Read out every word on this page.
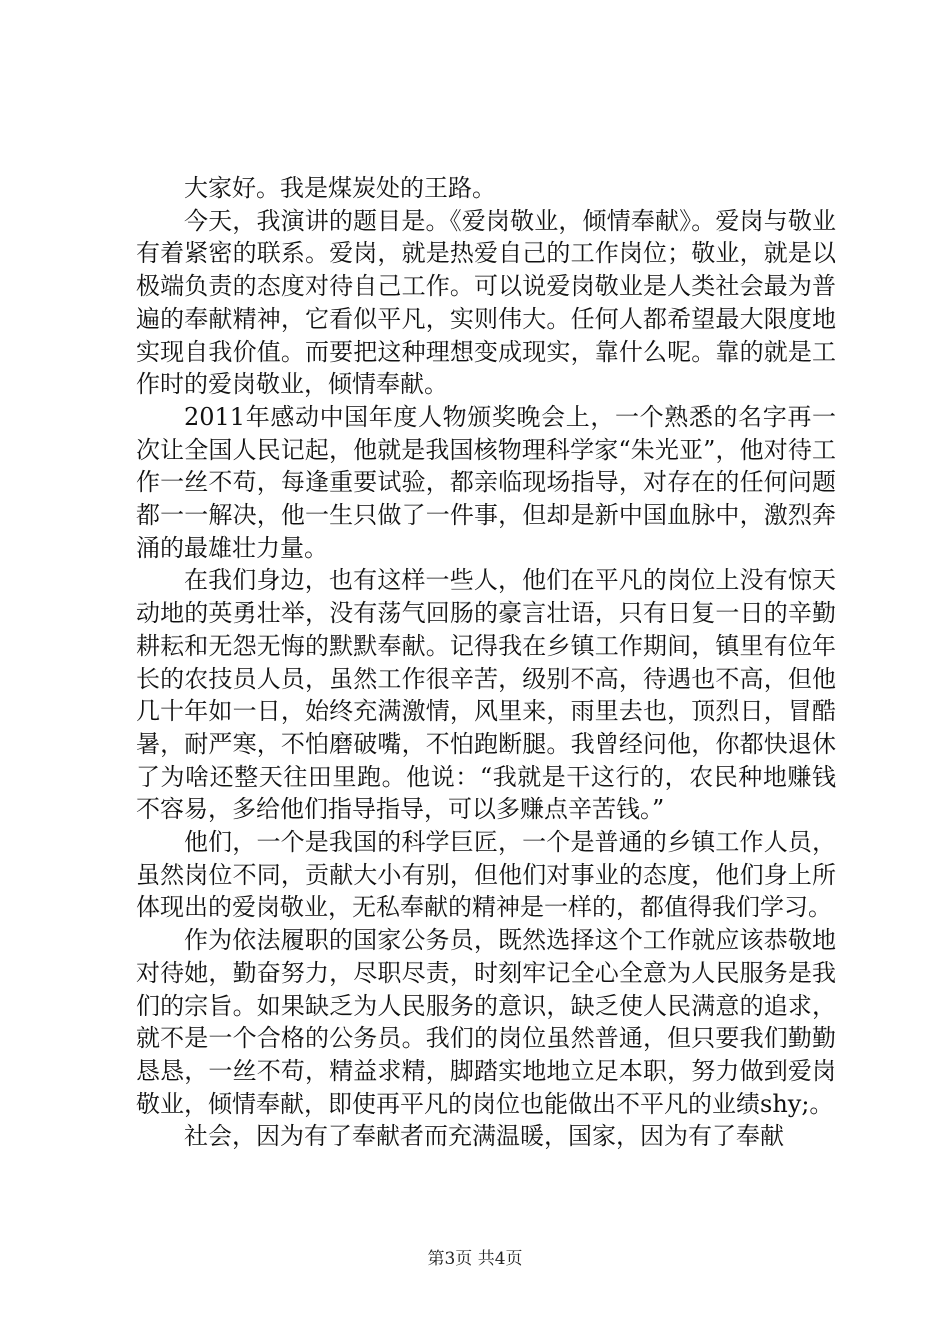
大家好。我是煤炭处的王路。

今天，我演讲的题目是。《爱岗敬业，倾情奉献》。爱岗与敬业有着紧密的联系。爱岗，就是热爱自己的工作岗位；敬业，就是以极端负责的态度对待自己工作。可以说爱岗敬业是人类社会最为普遍的奉献精神，它看似平凡，实则伟大。任何人都希望最大限度地实现自我价值。而要把这种理想变成现实，靠什么呢。靠的就是工作时的爱岗敬业，倾情奉献。

2011年感动中国年度人物颁奖晚会上，一个熟悉的名字再一次让全国人民记起，他就是我国核物理科学家“朱光亚”，他对待工作一丝不苟，每逢重要试验，都亲临现场指导，对存在的任何问题都一一解决，他一生只做了一件事，但却是新中国血脉中，激烈奔涌的最雄壮力量。

在我们身边，也有这样一些人，他们在平凡的岗位上没有惊天动地的英勇壮举，没有荡气回肠的豪言壮语，只有日复一日的辛勤耕耘和无怨无悔的默默奉献。记得我在乡镇工作期间，镇里有位年长的农技员人员，虽然工作很辛苦，级别不高，待遇也不高，但他几十年如一日，始终充满激情，风里来，雨里去也，顶烈日，冒酷暑，耐严寒，不怕磨破嘴，不怕跑断腿。我曾经问他，你都快退休了为啥还整天往田里跑。他说：“我就是干这行的，农民种地赚钱不容易，多给他们指导指导，可以多赚点辛苦钱。”

他们，一个是我国的科学巨匠，一个是普通的乡镇工作人员，虽然岗位不同，贡献大小有别，但他们对事业的态度，他们身上所体现出的爱岗敬业，无私奉献的精神是一样的，都值得我们学习。

作为依法履职的国家公务员，既然选择这个工作就应该恭敬地对待她，勤奋努力，尽职尽责，时刻牢记全心全意为人民服务是我们的宗旨。如果缺乏为人民服务的意识，缺乏使人民满意的追求，就不是一个合格的公务员。我们的岗位虽然普通，但只要我们勤勤恳恳，一丝不苟，精益求精，脚踏实地地立足本职，努力做到爱岗敬业，倾情奉献，即使再平凡的岗位也能做出不平凡的业绩shy;。

社会，因为有了奉献者而充满温暖，国家，因为有了奉献

第3页 共4页
